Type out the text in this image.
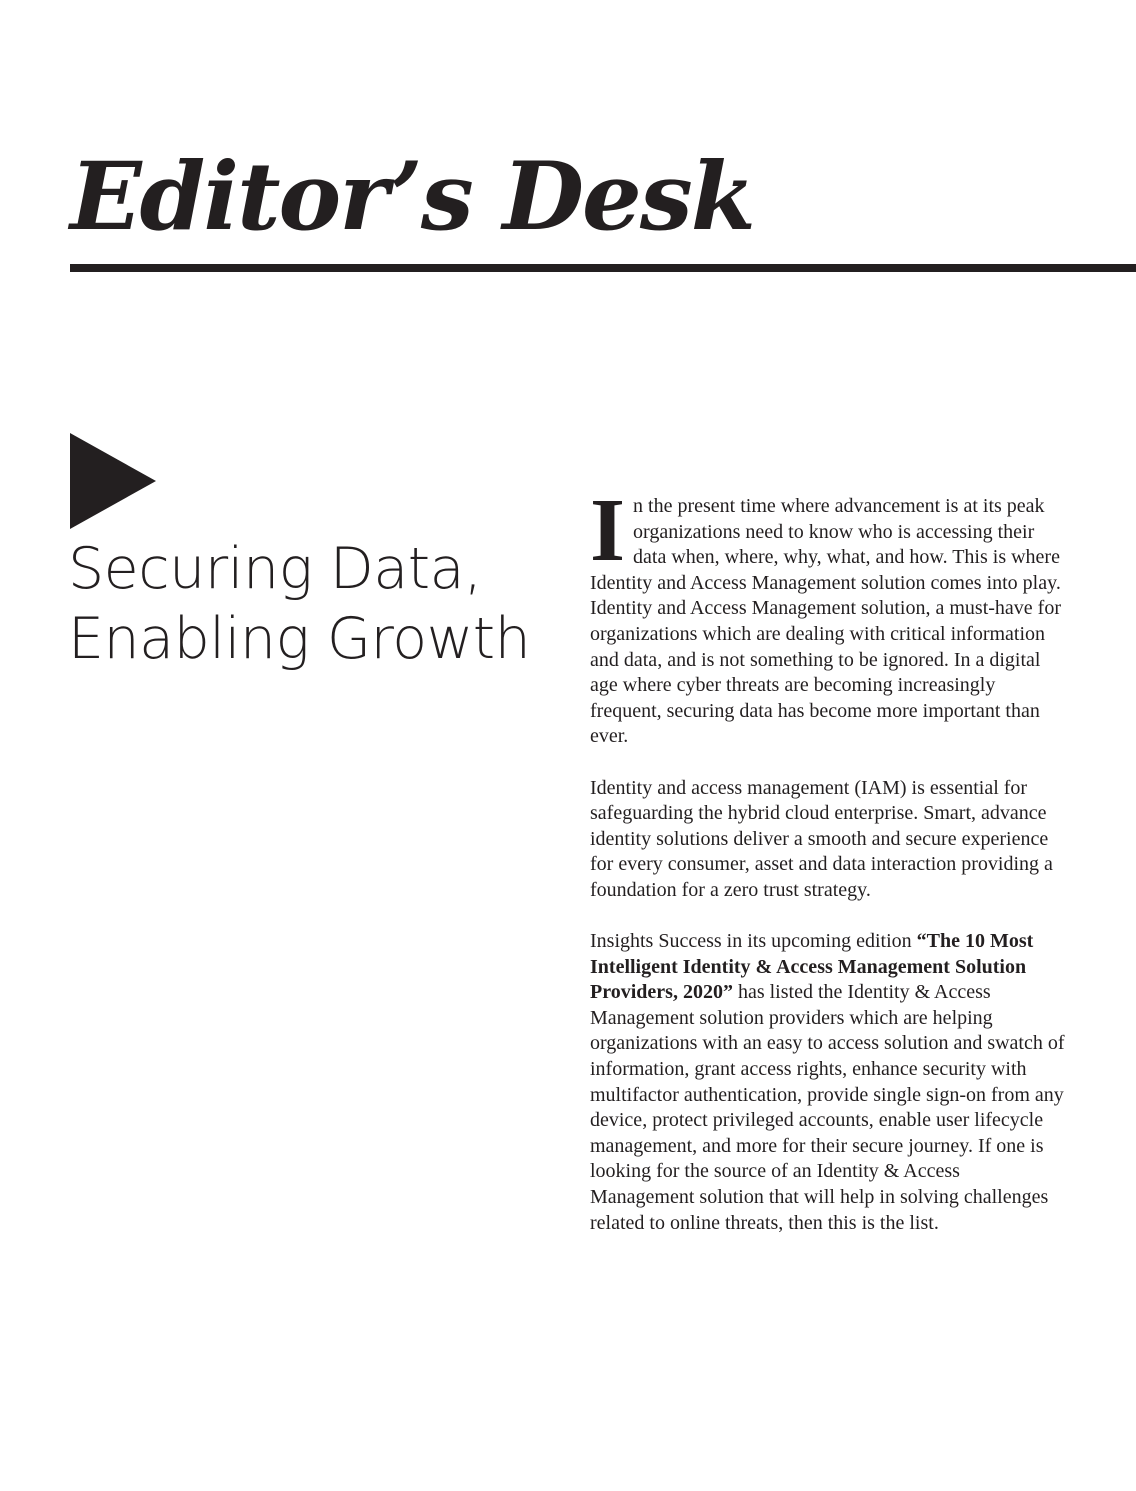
Editor’s Desk
Securing Data,
Enabling Growth

In the present time where advancement is at its peak organizations need to know who is accessing their data when, where, why, what, and how. This is where Identity and Access Management solution comes into play. Identity and Access Management solution, a must-have for organizations which are dealing with critical information and data, and is not something to be ignored. In a digital age where cyber threats are becoming increasingly frequent, securing data has become more important than ever.

Identity and access management (IAM) is essential for safeguarding the hybrid cloud enterprise. Smart, advance identity solutions deliver a smooth and secure experience for every consumer, asset and data interaction providing a foundation for a zero trust strategy.

Insights Success in its upcoming edition “The 10 Most Intelligent Identity & Access Management Solution Providers, 2020” has listed the Identity & Access Management solution providers which are helping organizations with an easy to access solution and swatch of information, grant access rights, enhance security with multifactor authentication, provide single sign-on from any device, protect privileged accounts, enable user lifecycle management, and more for their secure journey. If one is looking for the source of an Identity & Access Management solution that will help in solving challenges related to online threats, then this is the list.
